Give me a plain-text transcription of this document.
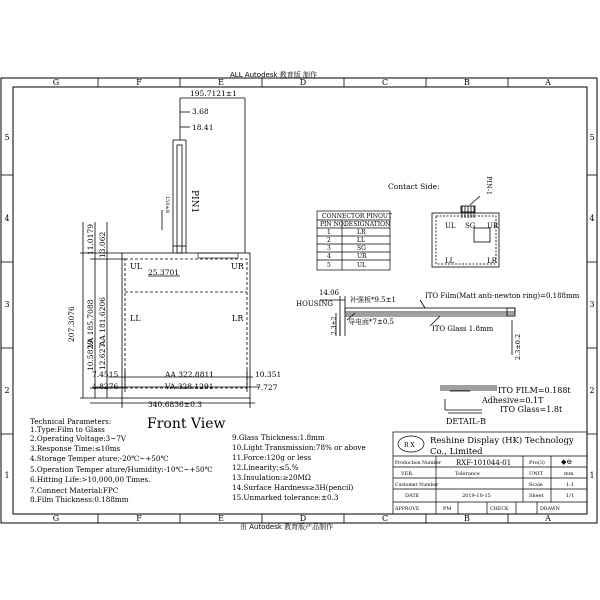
G	F	E	D	C	B	A
G	F	E	D	C	B	A
5
4
3
2
1
5
4
3
2
1
ALL Autodesk 教育版 制作
由 Autodesk 教育版产品制作
195.7121±1
3.68
18.41
PIN1
150±8
UL	UR
LL	LR
25.3701
11.0179 13.062
207.3076 VA 185.7088 AA 181.6206
10.5829 12.627
7.4515	AA 322.8811	10.351
4.8276	VA 328.1291	7.727
340.6836±0.3
Front View
Contact Side:	PIN-1
UL SG UR
LL	LR
CONNECTOR PINOUT
PIN NO.
DESIGNATION
1	LR
2	LL
3	SG
4	UR
5	UL
14.06
补强板*9.5±1
HOUSING
导电面*7±0.5
ITO Film(Matt anti-newton ring)=0.188mm
ITO Glass 1.8mm
2.3±2
2.3±0.2
ITO FILM=0.188t
Adhesive=0.1T
ITO Glass=1.8t
DETAIL-B
Technical Parameters:
1.Type:Film to Glass
2.Operating Voltage:3~7V
3.Response Time:≤10ms
4.Storage Temper ature:-20℃~+50℃
5.Operation Temper ature/Humidity:-10℃~+50℃
6.Hitting Life:>10,000,00 Times.
7.Connect Material:FPC
8.Film Thickness:0.188mm
9.Glass Thickness:1.8mm
10.Light Transmission:78% or above
11.Force:120g or less
12.Linearity:≤5.%
13.Insulation:≥20MΩ
14.Surface Hardness≥3H(pencil)
15.Unmarked tolerance:±0.3
R X Reshine Display (HK) Technology
Co., Limited
Production Number RXF-101044-01	Pro(3) ◆⊖
VER.	Tolerance	UNIT	mm
Customer Number	Scale	1:1
DATE	2019-10-15	Sheet	1/1
APPROVE	PM	CHECK	DRAWN
